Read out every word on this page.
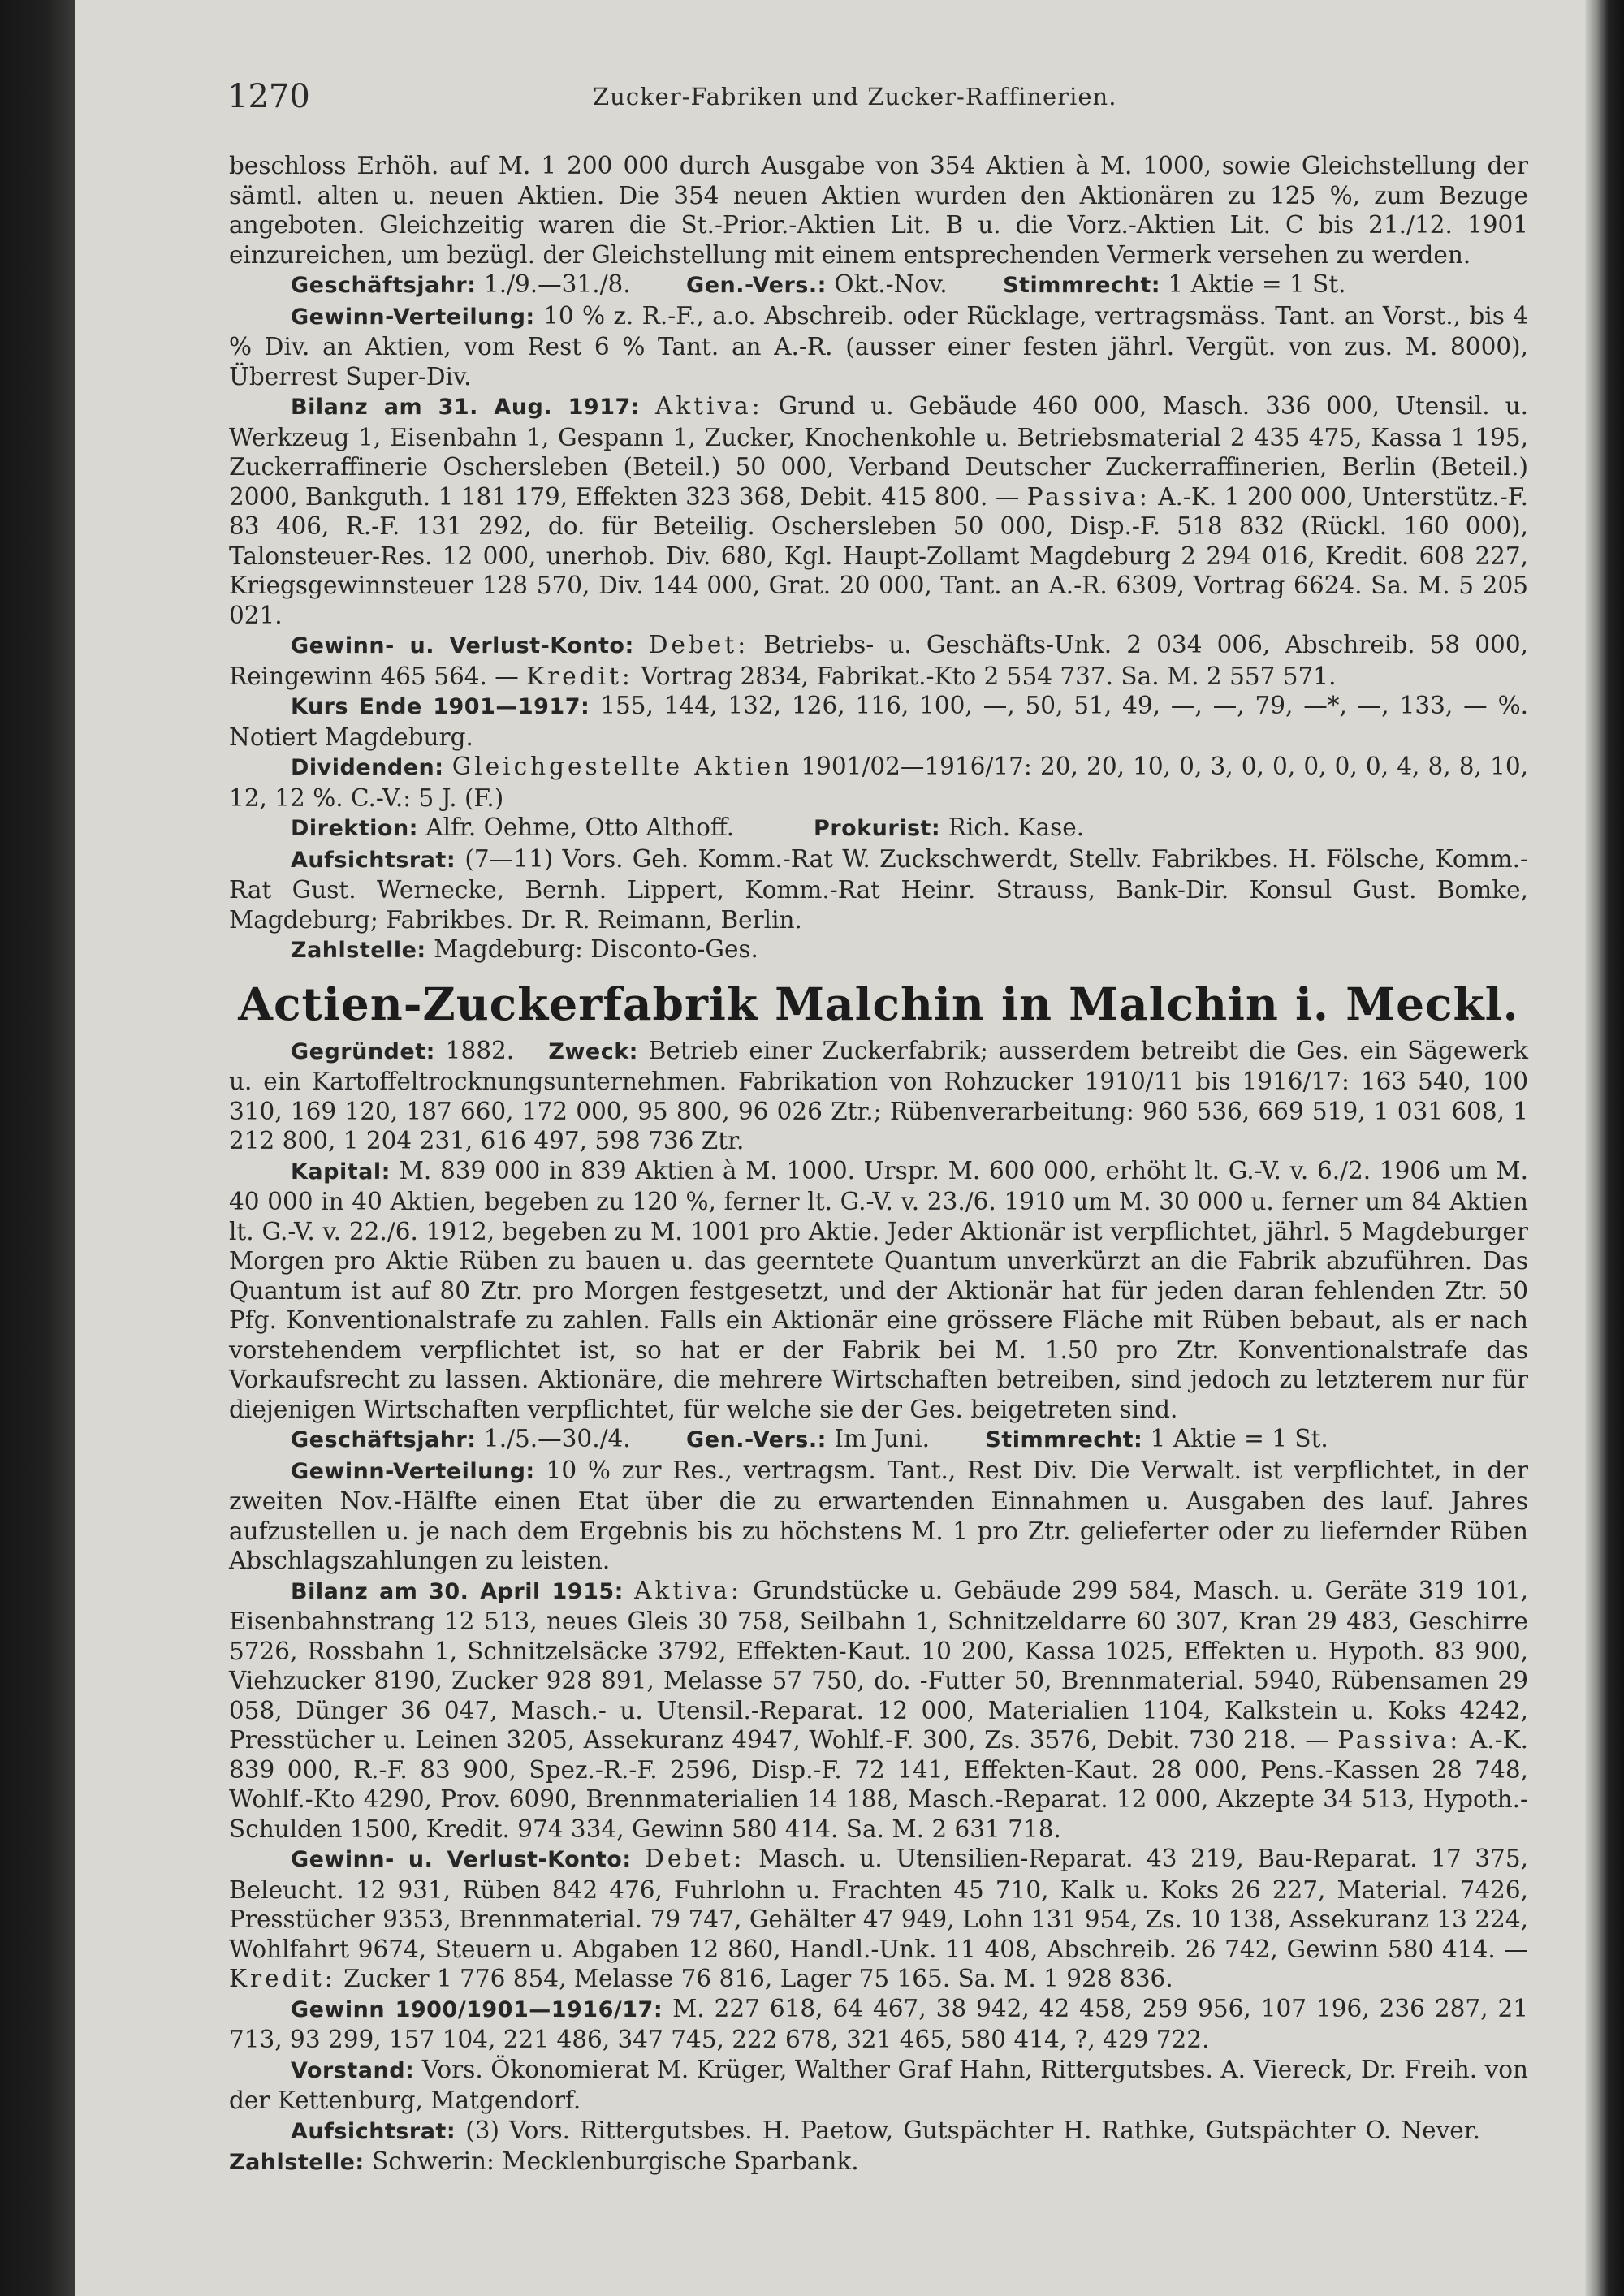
1270	Zucker-Fabriken und Zucker-Raffinerien.

beschloss Erhöh. auf M. 1 200 000 durch Ausgabe von 354 Aktien à M. 1000, sowie Gleichstellung der sämtl. alten u. neuen Aktien. Die 354 neuen Aktien wurden den Aktionären zu 125 %, zum Bezuge angeboten. Gleichzeitig waren die St.-Prior.-Aktien Lit. B u. die Vorz.-Aktien Lit. C bis 21./12. 1901 einzureichen, um bezügl. der Gleichstellung mit einem entsprechenden Vermerk versehen zu werden.

Geschäftsjahr: 1./9.—31./8.  	Gen.-Vers.: Okt.-Nov.  	Stimmrecht: 1 Aktie = 1 St.

Gewinn-Verteilung: 10 % z. R.-F., a.o. Abschreib. oder Rücklage, vertragsmäss. Tant. an Vorst., bis 4 % Div. an Aktien, vom Rest 6 % Tant. an A.-R. (ausser einer festen jährl. Vergüt. von zus. M. 8000), Überrest Super-Div.

Bilanz am 31. Aug. 1917: Aktiva: Grund u. Gebäude 460 000, Masch. 336 000, Utensil. u. Werkzeug 1, Eisenbahn 1, Gespann 1, Zucker, Knochenkohle u. Betriebsmaterial 2 435 475, Kassa 1 195, Zuckerraffinerie Oschersleben (Beteil.) 50 000, Verband Deutscher Zuckerraffinerien, Berlin (Beteil.) 2000, Bankguth. 1 181 179, Effekten 323 368, Debit. 415 800. — Passiva: A.-K. 1 200 000, Unterstütz.-F. 83 406, R.-F. 131 292, do. für Beteilig. Oschersleben 50 000, Disp.-F. 518 832 (Rückl. 160 000), Talonsteuer-Res. 12 000, unerhob. Div. 680, Kgl. Haupt-Zollamt Magdeburg 2 294 016, Kredit. 608 227, Kriegsgewinnsteuer 128 570, Div. 144 000, Grat. 20 000, Tant. an A.-R. 6309, Vortrag 6624. Sa. M. 5 205 021.

Gewinn- u. Verlust-Konto: Debet: Betriebs- u. Geschäfts-Unk. 2 034 006, Abschreib. 58 000, Reingewinn 465 564. — Kredit: Vortrag 2834, Fabrikat.-Kto 2 554 737. Sa. M. 2 557 571.

Kurs Ende 1901—1917: 155, 144, 132, 126, 116, 100, —, 50, 51, 49, —, —, 79, —*, —, 133, — %. Notiert Magdeburg.

Dividenden: Gleichgestellte Aktien 1901/02—1916/17: 20, 20, 10, 0, 3, 0, 0, 0, 0, 0, 4, 8, 8, 10, 12, 12 %. C.-V.: 5 J. (F.)

Direktion: Alfr. Oehme, Otto Althoff.   	Prokurist: Rich. Kase.

Aufsichtsrat: (7—11) Vors. Geh. Komm.-Rat W. Zuckschwerdt, Stellv. Fabrikbes. H. Fölsche, Komm.-Rat Gust. Wernecke, Bernh. Lippert, Komm.-Rat Heinr. Strauss, Bank-Dir. Konsul Gust. Bomke, Magdeburg; Fabrikbes. Dr. R. Reimann, Berlin.

Zahlstelle: Magdeburg: Disconto-Ges.

Actien-Zuckerfabrik Malchin in Malchin i. Meckl.

Gegründet: 1882.  Zweck: Betrieb einer Zuckerfabrik; ausserdem betreibt die Ges. ein Sägewerk u. ein Kartoffeltrocknungsunternehmen. Fabrikation von Rohzucker 1910/11 bis 1916/17: 163 540, 100 310, 169 120, 187 660, 172 000, 95 800, 96 026 Ztr.; Rübenverarbeitung: 960 536, 669 519, 1 031 608, 1 212 800, 1 204 231, 616 497, 598 736 Ztr.

Kapital: M. 839 000 in 839 Aktien à M. 1000. Urspr. M. 600 000, erhöht lt. G.-V. v. 6./2. 1906 um M. 40 000 in 40 Aktien, begeben zu 120 %, ferner lt. G.-V. v. 23./6. 1910 um M. 30 000 u. ferner um 84 Aktien lt. G.-V. v. 22./6. 1912, begeben zu M. 1001 pro Aktie. Jeder Aktionär ist verpflichtet, jährl. 5 Magdeburger Morgen pro Aktie Rüben zu bauen u. das geerntete Quantum unverkürzt an die Fabrik abzuführen. Das Quantum ist auf 80 Ztr. pro Morgen festgesetzt, und der Aktionär hat für jeden daran fehlenden Ztr. 50 Pfg. Konventionalstrafe zu zahlen. Falls ein Aktionär eine grössere Fläche mit Rüben bebaut, als er nach vorstehendem verpflichtet ist, so hat er der Fabrik bei M. 1.50 pro Ztr. Konventionalstrafe das Vorkaufsrecht zu lassen. Aktionäre, die mehrere Wirtschaften betreiben, sind jedoch zu letzterem nur für diejenigen Wirtschaften verpflichtet, für welche sie der Ges. beigetreten sind.

Geschäftsjahr: 1./5.—30./4.  	Gen.-Vers.: Im Juni.  	Stimmrecht: 1 Aktie = 1 St.

Gewinn-Verteilung: 10 % zur Res., vertragsm. Tant., Rest Div. Die Verwalt. ist verpflichtet, in der zweiten Nov.-Hälfte einen Etat über die zu erwartenden Einnahmen u. Ausgaben des lauf. Jahres aufzustellen u. je nach dem Ergebnis bis zu höchstens M. 1 pro Ztr. gelieferter oder zu liefernder Rüben Abschlagszahlungen zu leisten.

Bilanz am 30. April 1915: Aktiva: Grundstücke u. Gebäude 299 584, Masch. u. Geräte 319 101, Eisenbahnstrang 12 513, neues Gleis 30 758, Seilbahn 1, Schnitzeldarre 60 307, Kran 29 483, Geschirre 5726, Rossbahn 1, Schnitzelsäcke 3792, Effekten-Kaut. 10 200, Kassa 1025, Effekten u. Hypoth. 83 900, Viehzucker 8190, Zucker 928 891, Melasse 57 750, do. -Futter 50, Brennmaterial. 5940, Rübensamen 29 058, Dünger 36 047, Masch.- u. Utensil.-Reparat. 12 000, Materialien 1104, Kalkstein u. Koks 4242, Presstücher u. Leinen 3205, Assekuranz 4947, Wohlf.-F. 300, Zs. 3576, Debit. 730 218. — Passiva: A.-K. 839 000, R.-F. 83 900, Spez.-R.-F. 2596, Disp.-F. 72 141, Effekten-Kaut. 28 000, Pens.-Kassen 28 748, Wohlf.-Kto 4290, Prov. 6090, Brennmaterialien 14 188, Masch.-Reparat. 12 000, Akzepte 34 513, Hypoth.-Schulden 1500, Kredit. 974 334, Gewinn 580 414. Sa. M. 2 631 718.

Gewinn- u. Verlust-Konto: Debet: Masch. u. Utensilien-Reparat. 43 219, Bau-Reparat. 17 375, Beleucht. 12 931, Rüben 842 476, Fuhrlohn u. Frachten 45 710, Kalk u. Koks 26 227, Material. 7426, Presstücher 9353, Brennmaterial. 79 747, Gehälter 47 949, Lohn 131 954, Zs. 10 138, Assekuranz 13 224, Wohlfahrt 9674, Steuern u. Abgaben 12 860, Handl.-Unk. 11 408, Abschreib. 26 742, Gewinn 580 414. — Kredit: Zucker 1 776 854, Melasse 76 816, Lager 75 165. Sa. M. 1 928 836.

Gewinn 1900/1901—1916/17: M. 227 618, 64 467, 38 942, 42 458, 259 956, 107 196, 236 287, 21 713, 93 299, 157 104, 221 486, 347 745, 222 678, 321 465, 580 414, ?, 429 722.

Vorstand: Vors. Ökonomierat M. Krüger, Walther Graf Hahn, Rittergutsbes. A. Viereck, Dr. Freih. von der Kettenburg, Matgendorf.

Aufsichtsrat: (3) Vors. Rittergutsbes. H. Paetow, Gutspächter H. Rathke, Gutspächter O. Never.   Zahlstelle: Schwerin: Mecklenburgische Sparbank.
